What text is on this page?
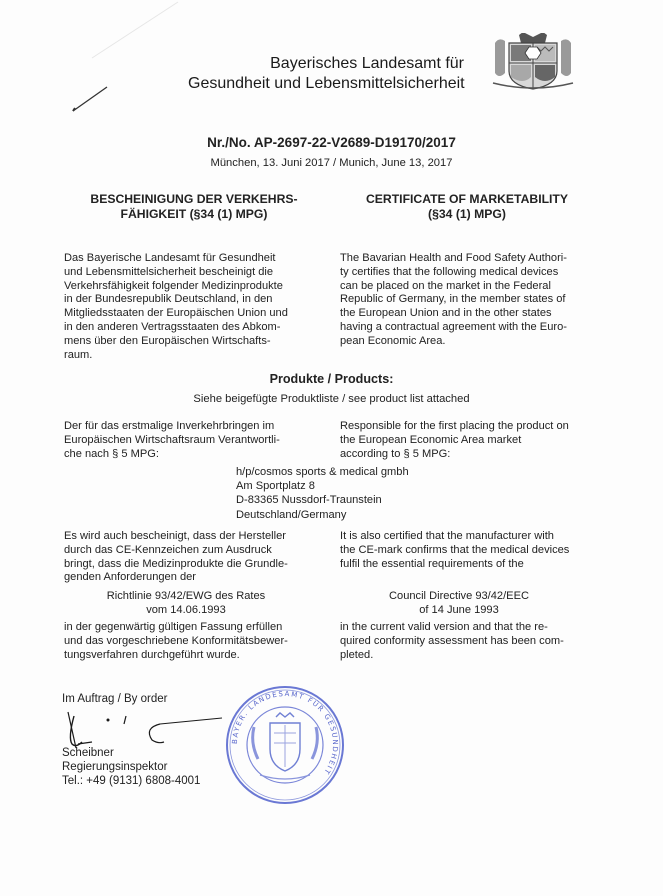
Bayerisches Landesamt für
Gesundheit und Lebensmittelsicherheit
Nr./No. AP-2697-22-V2689-D19170/2017
München, 13. Juni 2017 / Munich, June 13, 2017
BESCHEINIGUNG DER VERKEHRS-
FÄHIGKEIT (§34 (1) MPG)
CERTIFICATE OF MARKETABILITY
(§34 (1) MPG)
Das Bayerische Landesamt für Gesundheit
und Lebensmittelsicherheit bescheinigt die
Verkehrsfähigkeit folgender Medizinprodukte
in der Bundesrepublik Deutschland, in den
Mitgliedsstaaten der Europäischen Union und
in den anderen Vertragsstaaten des Abkom-
mens über den Europäischen Wirtschafts-
raum.
The Bavarian Health and Food Safety Authori-
ty certifies that the following medical devices
can be placed on the market in the Federal
Republic of Germany, in the member states of
the European Union and in the other states
having a contractual agreement with the Euro-
pean Economic Area.
Produkte / Products:
Siehe beigefügte Produktliste / see product list attached
Der für das erstmalige Inverkehrbringen im
Europäischen Wirtschaftsraum Verantwortli-
che nach § 5 MPG:
Responsible for the first placing the product on
the European Economic Area market
according to § 5 MPG:
h/p/cosmos sports & medical gmbh
Am Sportplatz 8
D-83365 Nussdorf-Traunstein
Deutschland/Germany
Es wird auch bescheinigt, dass der Hersteller
durch das CE-Kennzeichen zum Ausdruck
bringt, dass die Medizinprodukte die Grundle-
genden Anforderungen der
It is also certified that the manufacturer with
the CE-mark confirms that the medical devices
fulfil the essential requirements of the
Richtlinie 93/42/EWG des Rates
vom 14.06.1993
Council Directive 93/42/EEC
of 14 June 1993
in der gegenwärtig gültigen Fassung erfüllen
und das vorgeschriebene Konformitätsbewer-
tungsverfahren durchgeführt wurde.
in the current valid version and that the re-
quired conformity assessment has been com-
pleted.
Im Auftrag / By order
Scheibner
Regierungsinspektor
Tel.: +49 (9131) 6808-4001
BAYER. LANDESAMT FÜR GESUNDHEIT
